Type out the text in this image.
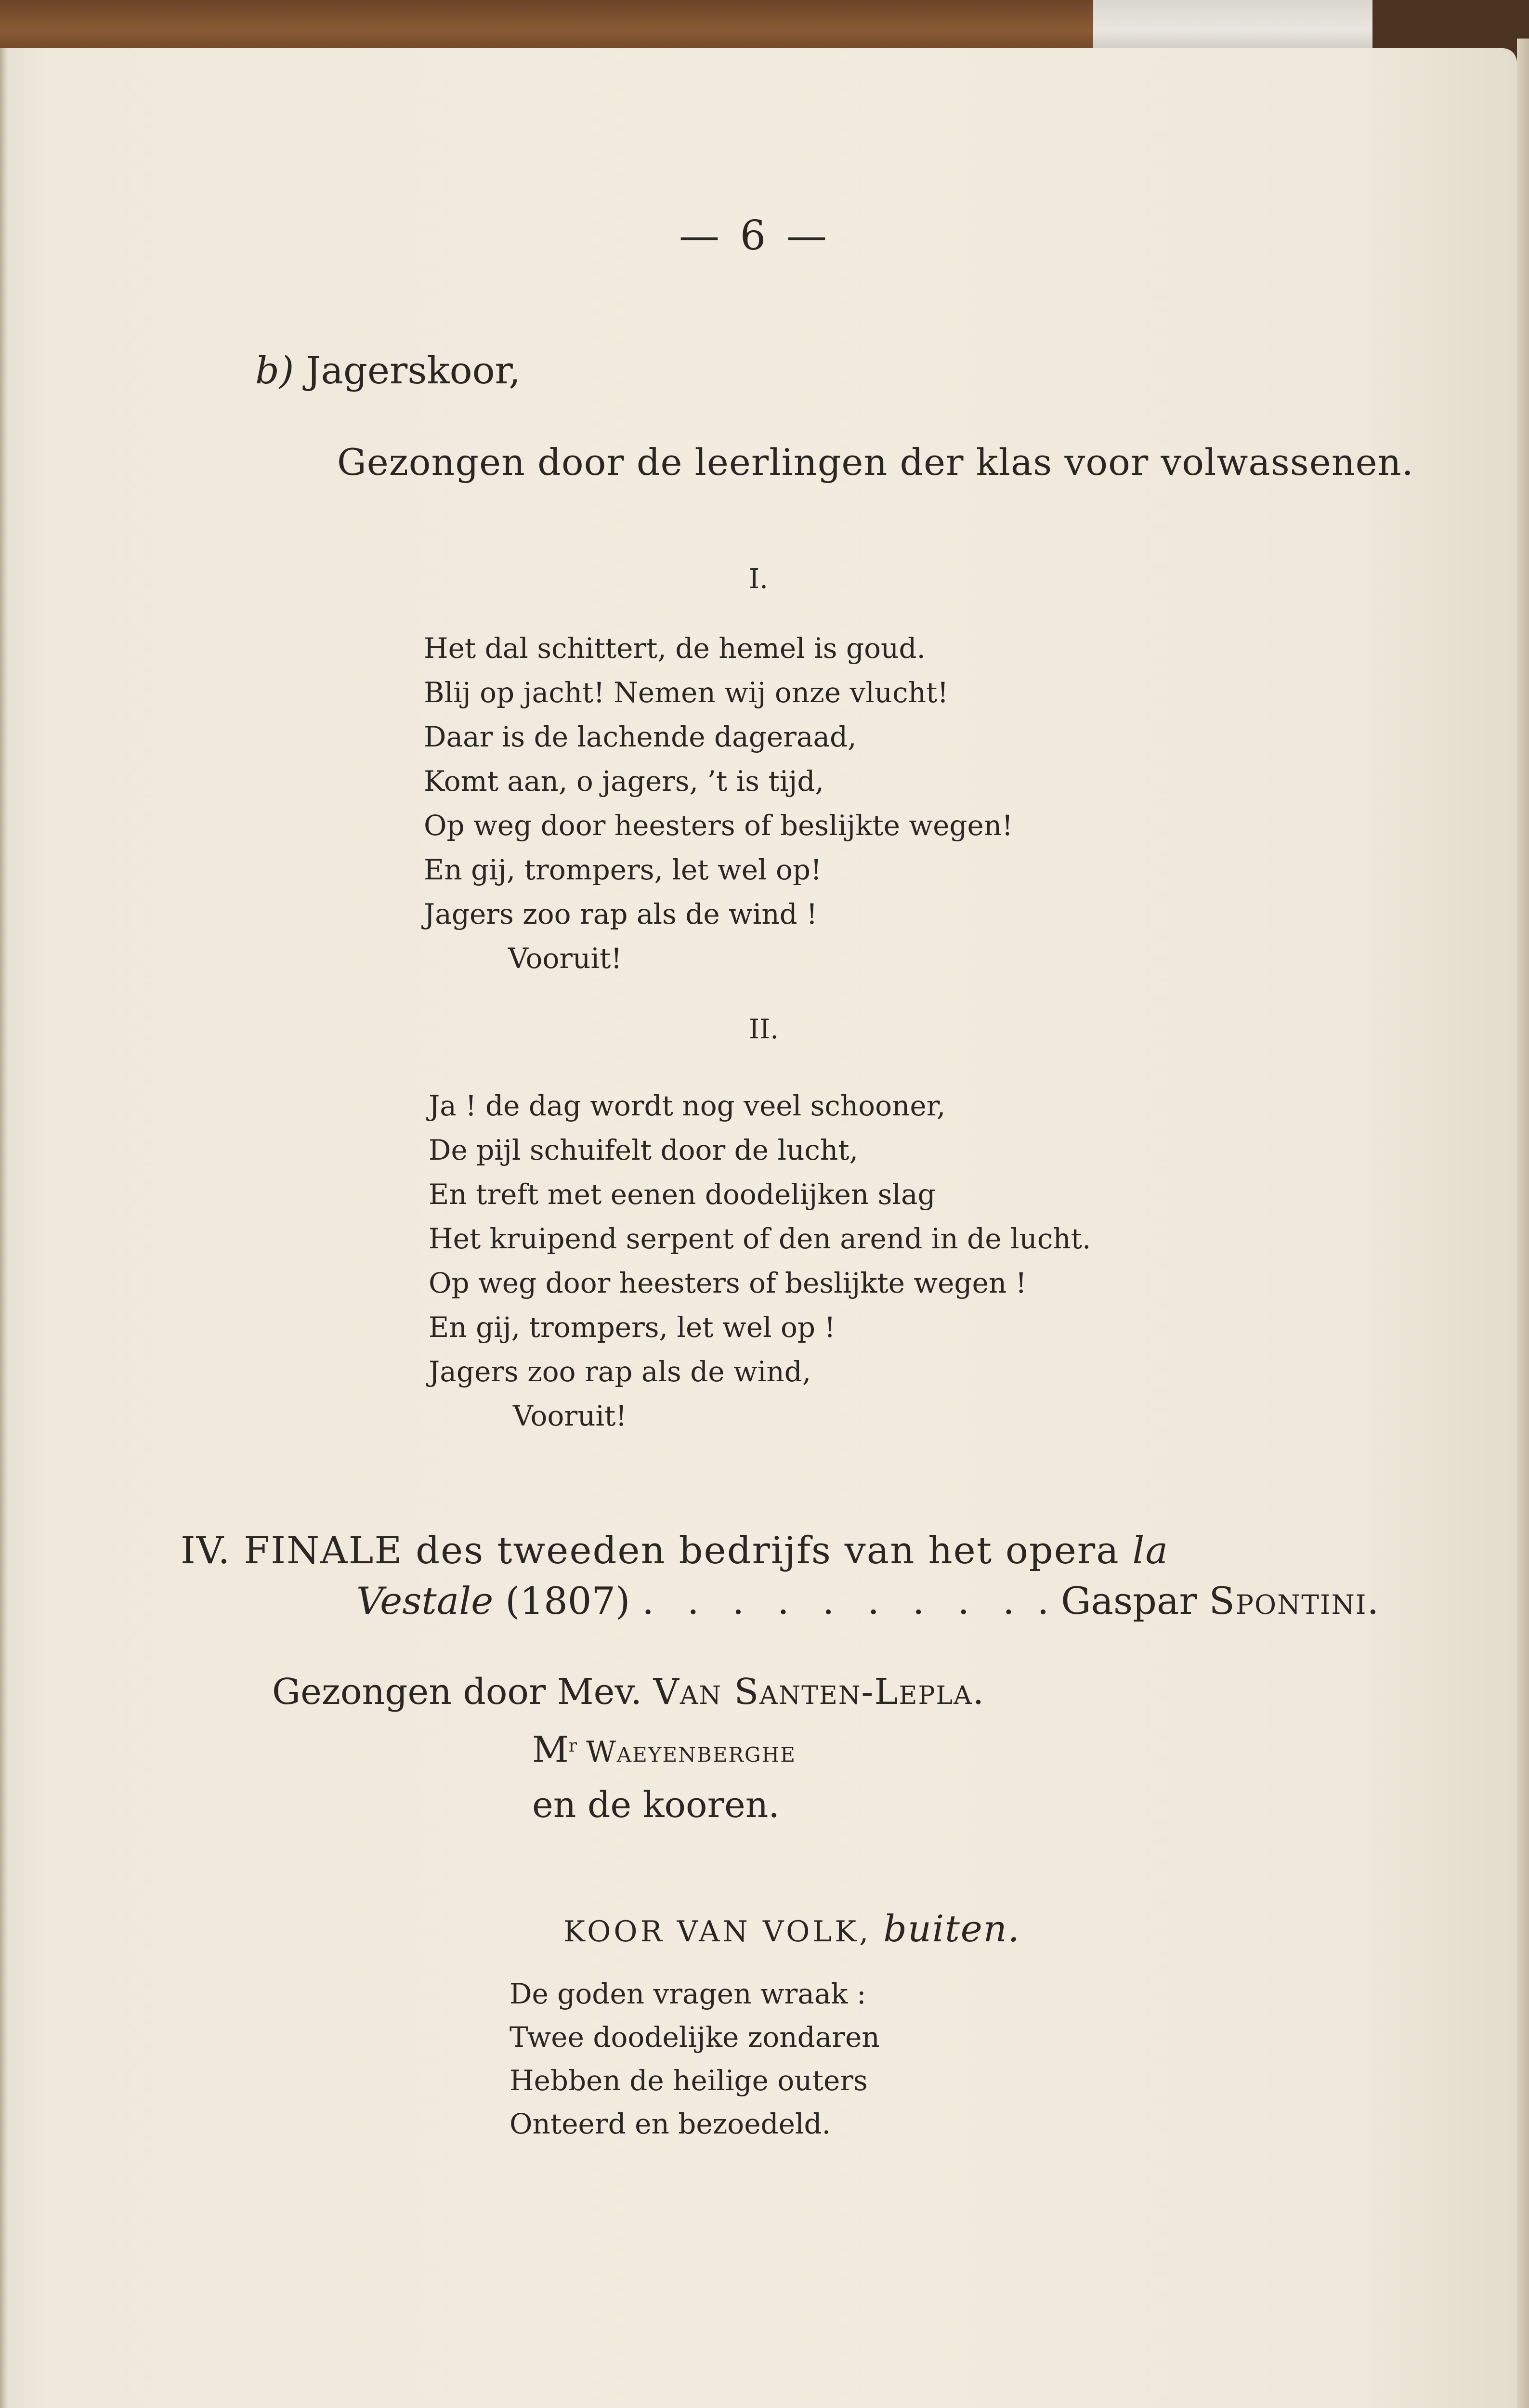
— 6 —
b) Jagerskoor,
Gezongen door de leerlingen der klas voor volwassenen.
I.
Het dal schittert, de hemel is goud.
Blij op jacht! Nemen wij onze vlucht!
Daar is de lachende dageraad,
Komt aan, o jagers, ’t is tijd,
Op weg door heesters of beslijkte wegen!
En gij, trompers, let wel op!
Jagers zoo rap als de wind !
Vooruit!
II.
Ja ! de dag wordt nog veel schooner,
De pijl schuifelt door de lucht,
En treft met eenen doodelijken slag
Het kruipend serpent of den arend in de lucht.
Op weg door heesters of beslijkte wegen !
En gij, trompers, let wel op !
Jagers zoo rap als de wind,
Vooruit!
IV. FINALE des tweeden bedrijfs van het opera la
Vestale (1807) . . . . . . . . . . Gaspar Spontini.
Gezongen door Mev. Van Santen-Lepla.
$M^r$ Waeyenberghe
en de kooren.
KOOR VAN VOLK, buiten.
De goden vragen wraak :
Twee doodelijke zondaren
Hebben de heilige outers
Onteerd en bezoedeld.
